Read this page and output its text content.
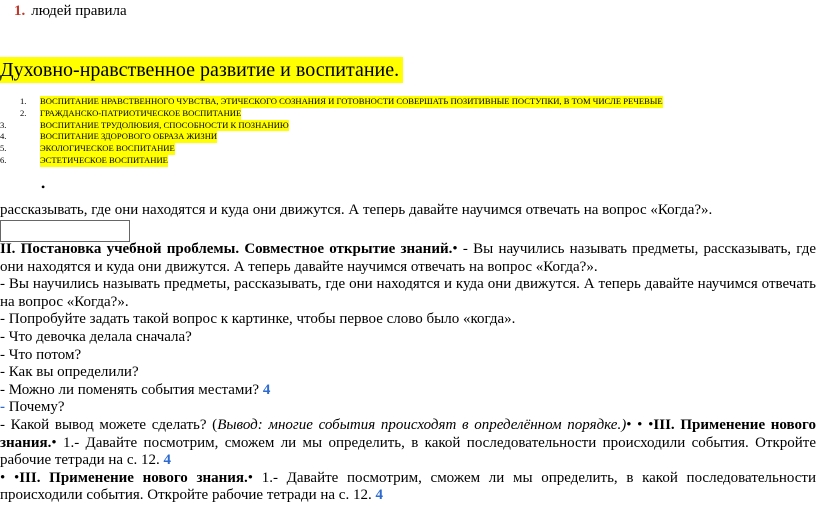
1. людей правила
Духовно-нравственное развитие и воспитание.
1.	ВОСПИТАНИЕ НРАВСТВЕННОГО ЧУВСТВА, ЭТИЧЕСКОГО СОЗНАНИЯ И ГОТОВНОСТИ СОВЕРШАТЬ ПОЗИТИВНЫЕ ПОСТУПКИ, В ТОМ ЧИСЛЕ РЕЧЕВЫЕ
2.	ГРАЖДАНСКО-ПАТРИОТИЧЕСКОЕ ВОСПИТАНИЕ
3.	ВОСПИТАНИЕ ТРУДОЛЮБИЯ, СПОСОБНОСТИ К ПОЗНАНИЮ
4.	ВОСПИТАНИЕ ЗДОРОВОГО ОБРАЗА ЖИЗНИ
5.	ЭКОЛОГИЧЕСКОЕ ВОСПИТАНИЕ
6.	ЭСТЕТИЧЕСКОЕ ВОСПИТАНИЕ
•
рассказывать, где они находятся и куда они движутся. А теперь давайте научимся отвечать на вопрос «Когда?».

II. Постановка учебной проблемы. Совместное открытие знаний.• - Вы научились называть предметы, рассказывать, где они находятся и куда они движутся. А теперь давайте научимся отвечать на вопрос «Когда?».

- Вы научились называть предметы, рассказывать, где они находятся и куда они движутся. А теперь давайте научимся отвечать на вопрос «Когда?».

- Попробуйте задать такой вопрос к картинке, чтобы первое слово было «когда».

- Что девочка делала сначала?

- Что потом?

- Как вы определили?

- Можно ли поменять события местами? 4

- Почему?

- Какой вывод можете сделать? (Вывод: многие события происходят в определённом порядке.)• • •III. Применение нового знания.• 1.- Давайте посмотрим, сможем ли мы определить, в какой последовательности происходили события. Откройте рабочие тетради на с. 12. 4

• •III. Применение нового знания.• 1.- Давайте посмотрим, сможем ли мы определить, в какой последовательности происходили события. Откройте рабочие тетради на с. 12. 4
